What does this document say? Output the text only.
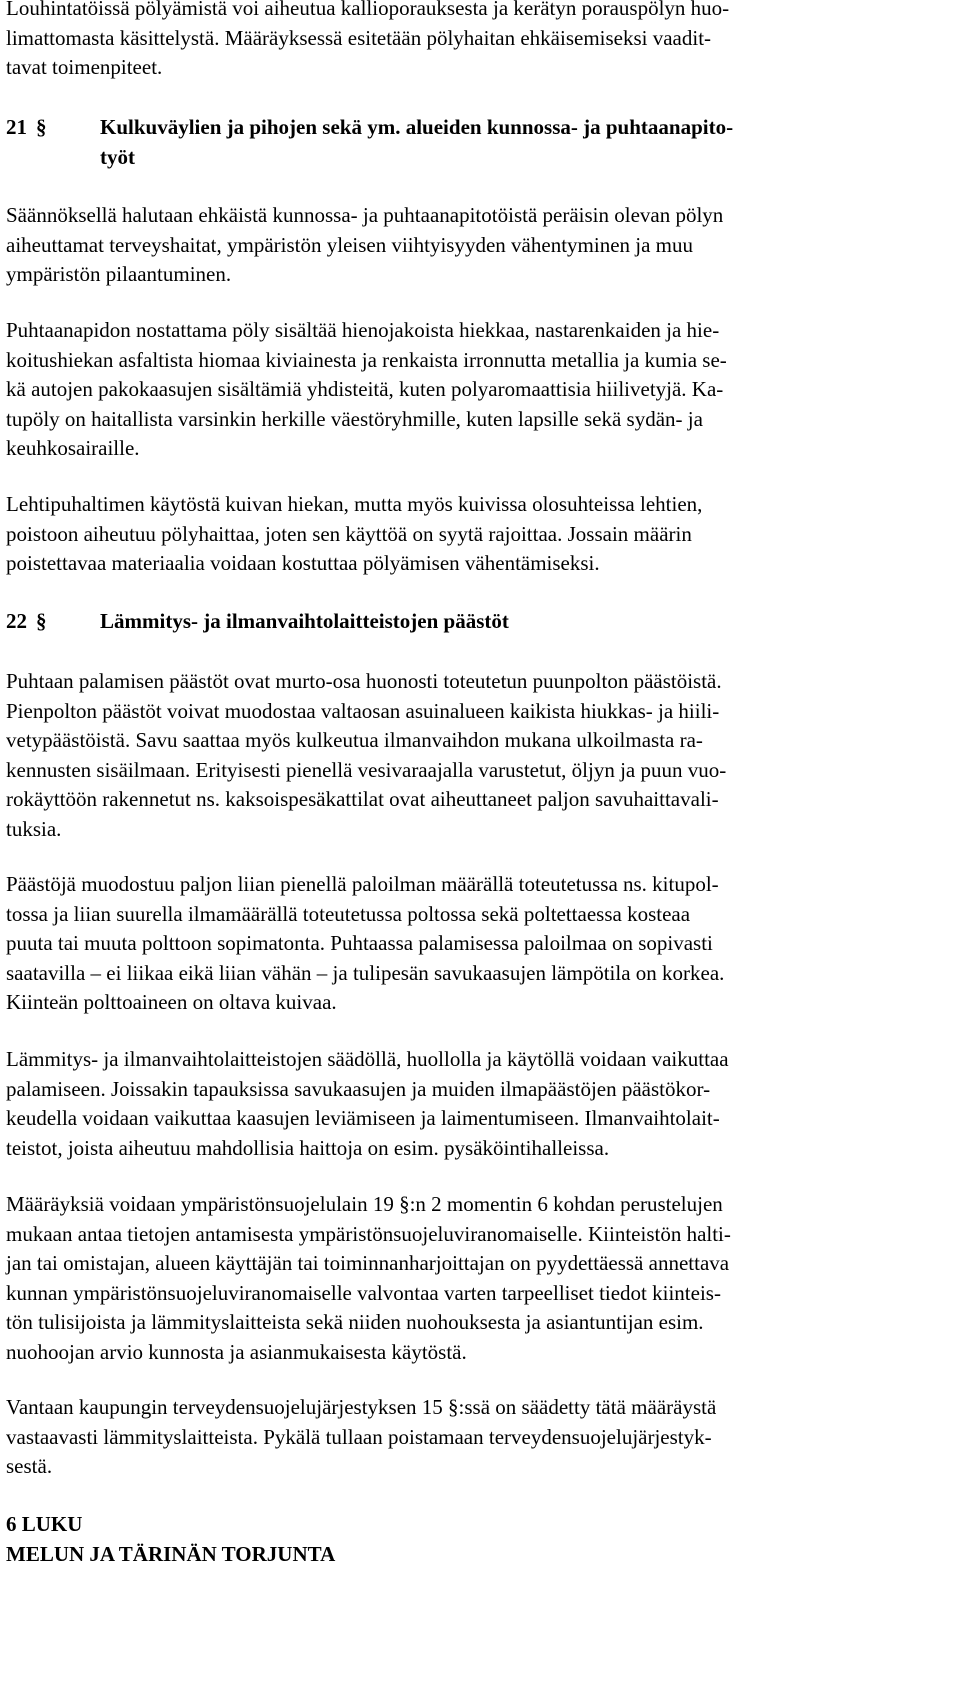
Louhintatöissä pölyämistä voi aiheutua kallioporauksesta ja kerätyn porauspölyn huo-
limattomasta käsittelystä. Määräyksessä esitetään pölyhaitan ehkäisemiseksi vaadit-
tavat toimenpiteet.

21 §	Kulkuväylien ja pihojen sekä ym. alueiden kunnossa- ja puhtaanapito-
työt

Säännöksellä halutaan ehkäistä kunnossa- ja puhtaanapitotöistä peräisin olevan pölyn
aiheuttamat terveyshaitat, ympäristön yleisen viihtyisyyden vähentyminen ja muu
ympäristön pilaantuminen.

Puhtaanapidon nostattama pöly sisältää hienojakoista hiekkaa, nastarenkaiden ja hie-
koitushiekan asfaltista hiomaa kiviainesta ja renkaista irronnutta metallia ja kumia se-
kä autojen pakokaasujen sisältämiä yhdisteitä, kuten polyaromaattisia hiilivetyjä. Ka-
tupöly on haitallista varsinkin herkille väestöryhmille, kuten lapsille sekä sydän- ja
keuhkosairaille.

Lehtipuhaltimen käytöstä kuivan hiekan, mutta myös kuivissa olosuhteissa lehtien,
poistoon aiheutuu pölyhaittaa, joten sen käyttöä on syytä rajoittaa. Jossain määrin
poistettavaa materiaalia voidaan kostuttaa pölyämisen vähentämiseksi.

22 §	Lämmitys- ja ilmanvaihtolaitteistojen päästöt

Puhtaan palamisen päästöt ovat murto-osa huonosti toteutetun puunpolton päästöistä.
Pienpolton päästöt voivat muodostaa valtaosan asuinalueen kaikista hiukkas- ja hiili-
vetypäästöistä. Savu saattaa myös kulkeutua ilmanvaihdon mukana ulkoilmasta ra-
kennusten sisäilmaan. Erityisesti pienellä vesivaraajalla varustetut, öljyn ja puun vuo-
rokäyttöön rakennetut ns. kaksoispesäkattilat ovat aiheuttaneet paljon savuhaittavali-
tuksia.

Päästöjä muodostuu paljon liian pienellä paloilman määrällä toteutetussa ns. kitupol-
tossa ja liian suurella ilmamäärällä toteutetussa poltossa sekä poltettaessa kosteaa
puuta tai muuta polttoon sopimatonta. Puhtaassa palamisessa paloilmaa on sopivasti
saatavilla – ei liikaa eikä liian vähän – ja tulipesän savukaasujen lämpötila on korkea.
Kiinteän polttoaineen on oltava kuivaa.

Lämmitys- ja ilmanvaihtolaitteistojen säädöllä, huollolla ja käytöllä voidaan vaikuttaa
palamiseen. Joissakin tapauksissa savukaasujen ja muiden ilmapäästöjen päästökor-
keudella voidaan vaikuttaa kaasujen leviämiseen ja laimentumiseen. Ilmanvaihtolait-
teistot, joista aiheutuu mahdollisia haittoja on esim. pysäköintihalleissa.

Määräyksiä voidaan ympäristönsuojelulain 19 §:n 2 momentin 6 kohdan perustelujen
mukaan antaa tietojen antamisesta ympäristönsuojeluviranomaiselle. Kiinteistön halti-
jan tai omistajan, alueen käyttäjän tai toiminnanharjoittajan on pyydettäessä annettava
kunnan ympäristönsuojeluviranomaiselle valvontaa varten tarpeelliset tiedot kiinteis-
tön tulisijoista ja lämmityslaitteista sekä niiden nuohouksesta ja asiantuntijan esim.
nuohoojan arvio kunnosta ja asianmukaisesta käytöstä.

Vantaan kaupungin terveydensuojelujärjestyksen 15 §:ssä on säädetty tätä määräystä
vastaavasti lämmityslaitteista. Pykälä tullaan poistamaan terveydensuojelujärjestyk-
sestä.

6 LUKU
MELUN JA TÄRINÄN TORJUNTA
